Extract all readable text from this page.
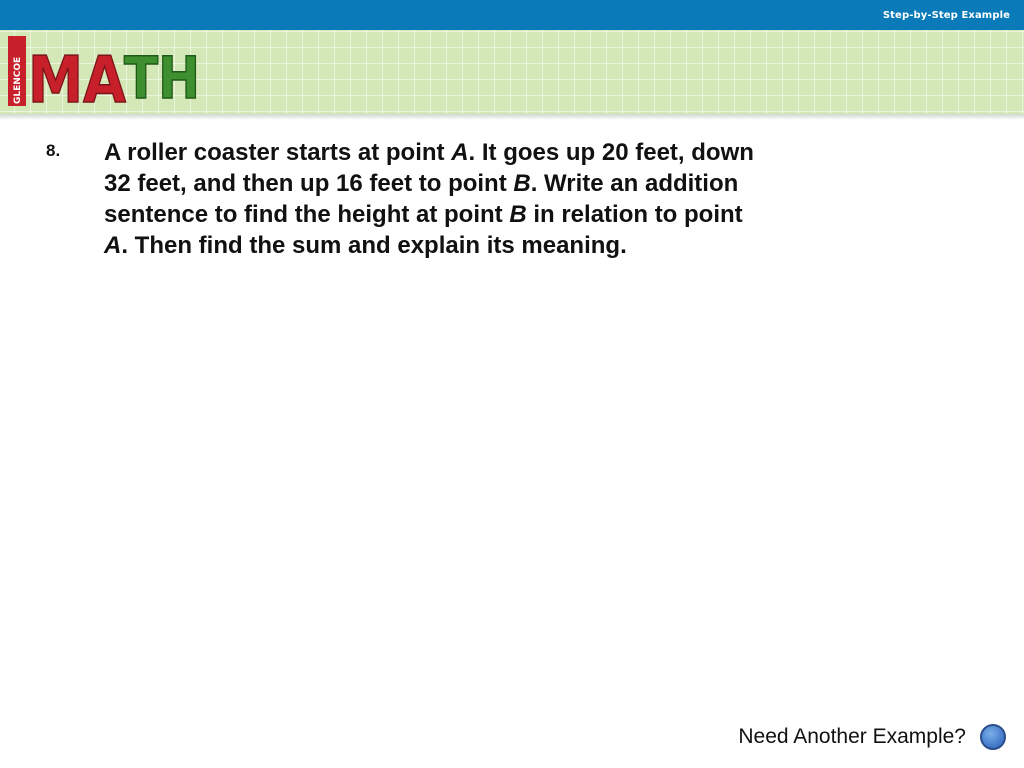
Step-by-Step Example
GLENCOE MA
TH
8. A roller coaster starts at point A. It goes up 20 feet, down 32 feet, and then up 16 feet to point B. Write an addition sentence to find the height at point B in relation to point A. Then find the sum and explain its meaning.

Need Another Example?
